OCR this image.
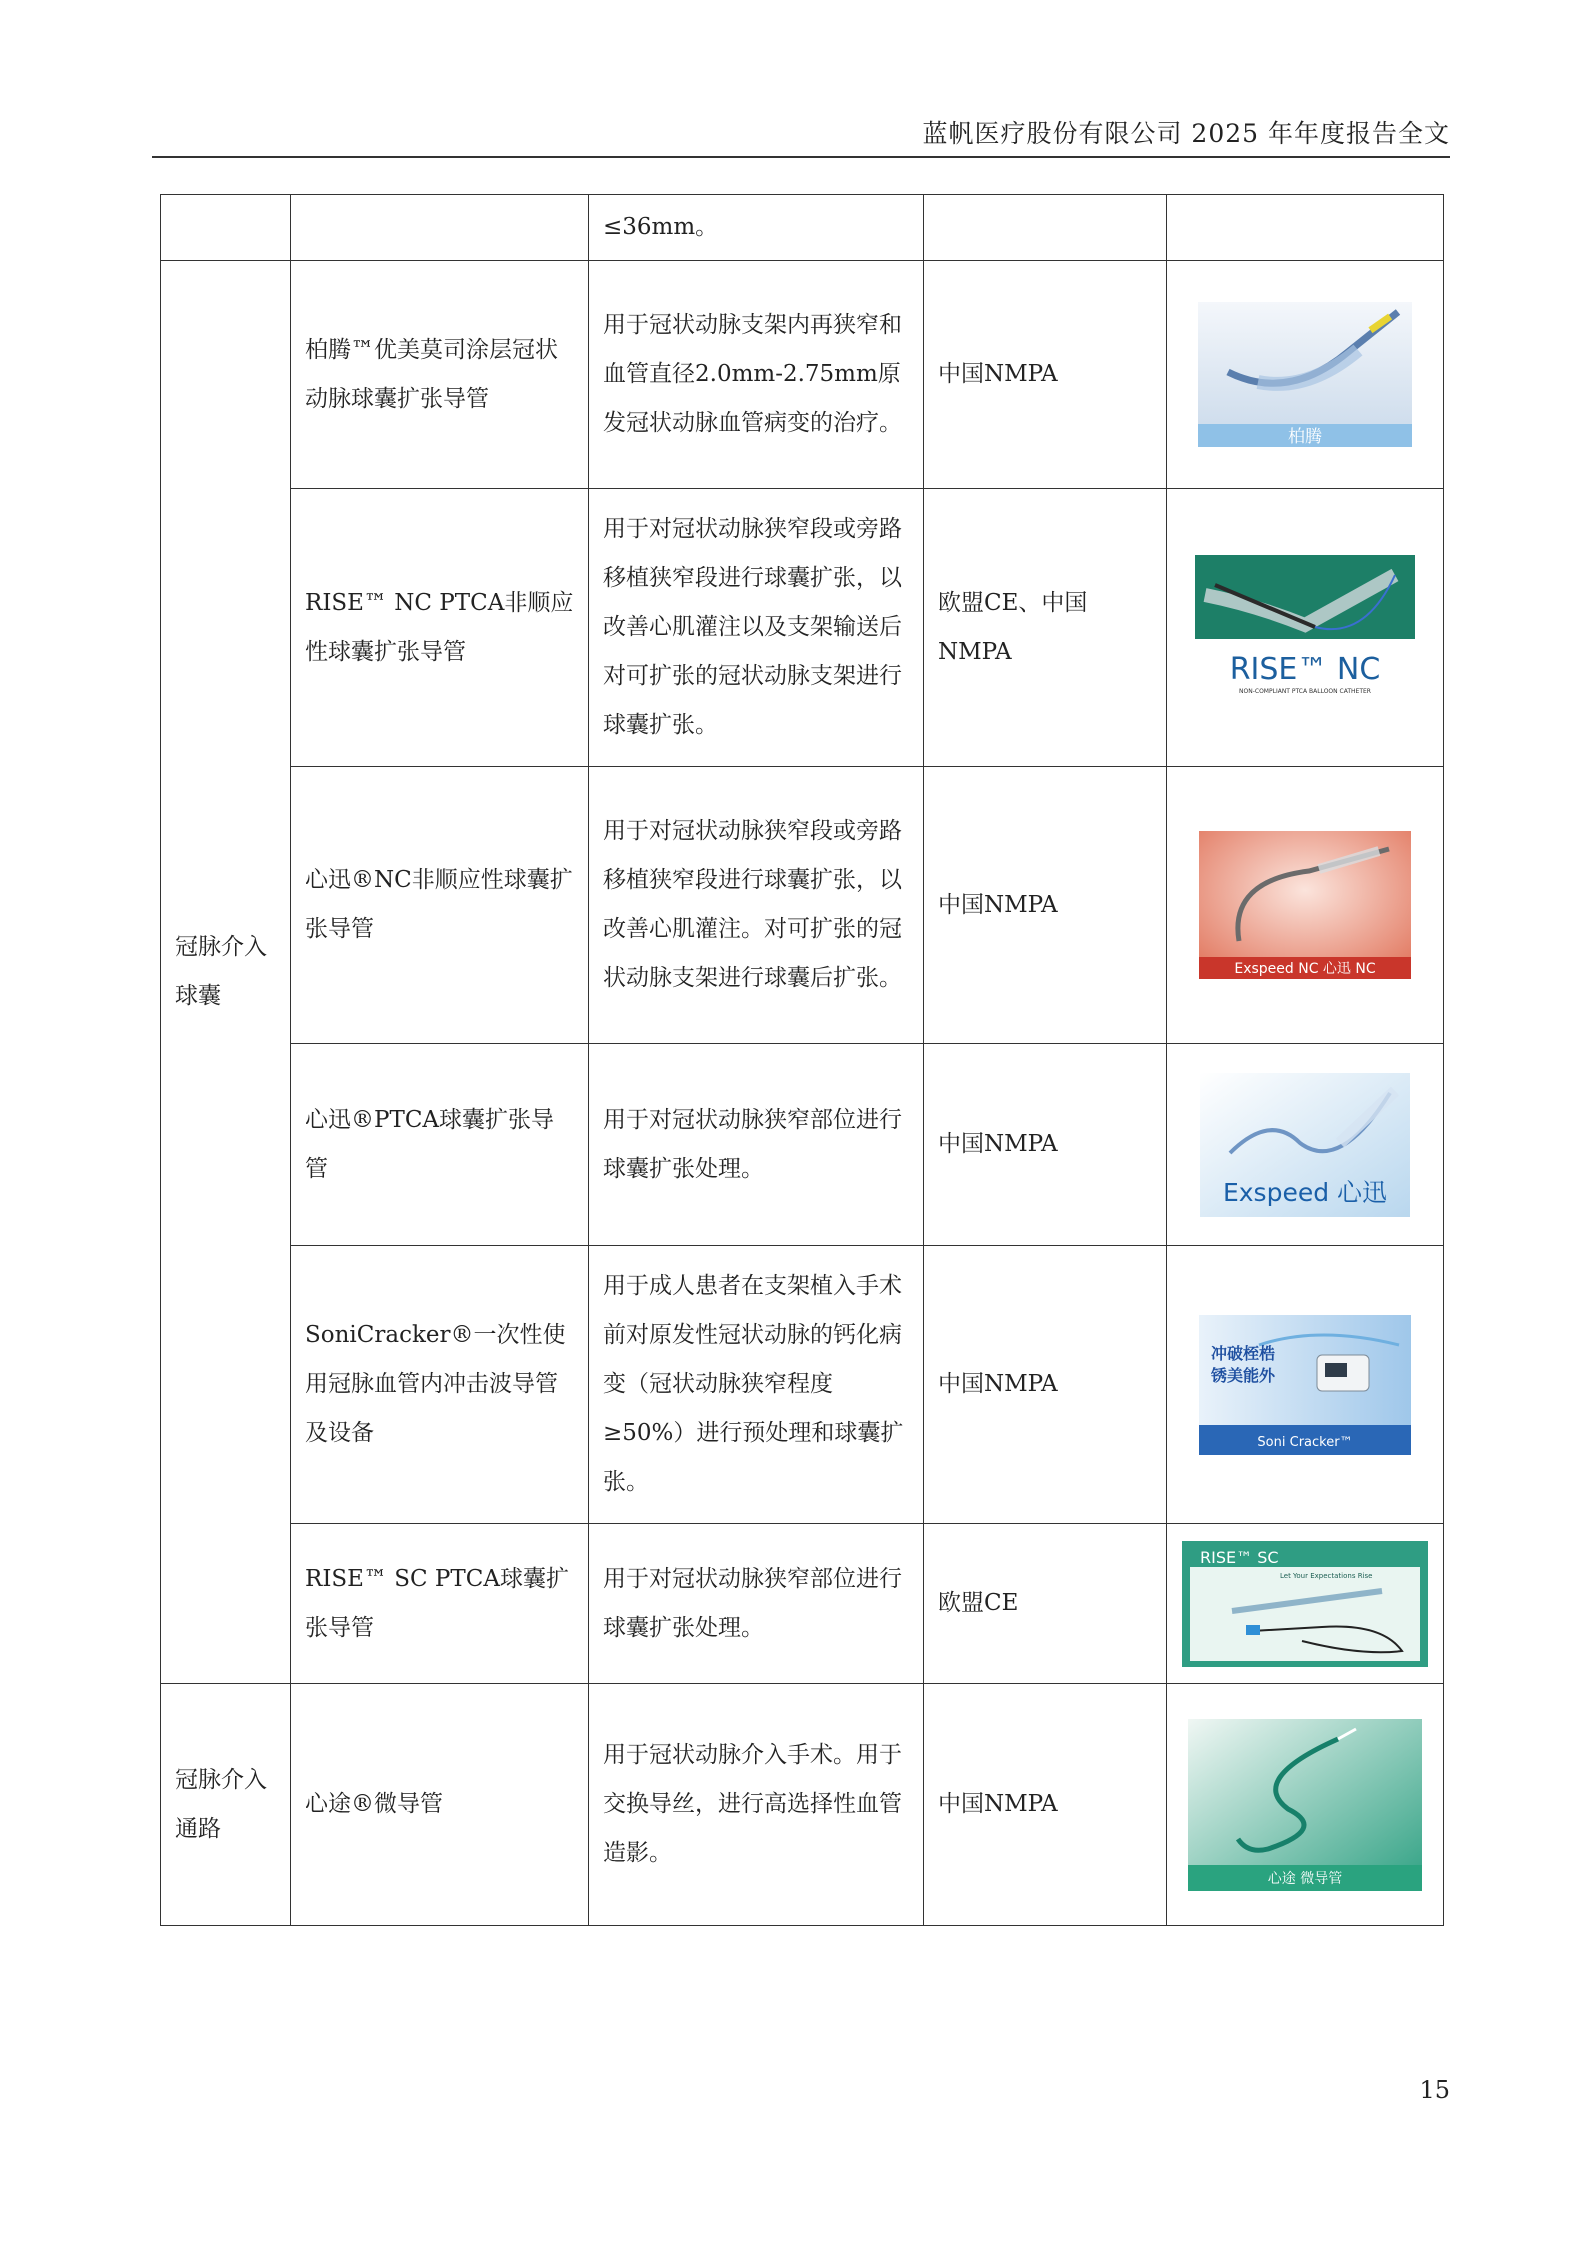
蓝帆医疗股份有限公司 2025 年年度报告全文
		≤36mm。		
冠脉介入球囊	柏腾™优美莫司涂层冠状动脉球囊扩张导管	用于冠状动脉支架内再狭窄和血管直径2.0mm-2.75mm原发冠状动脉血管病变的治疗。	中国NMPA	柏腾

	RISE™ NC PTCA非顺应性球囊扩张导管	用于对冠状动脉狭窄段或旁路移植狭窄段进行球囊扩张，以改善心肌灌注以及支架输送后对可扩张的冠状动脉支架进行球囊扩张。	欧盟CE、中国NMPA	RISE™ NC
NON-COMPLIANT PTCA BALLOON CATHETER

	心迅®NC非顺应性球囊扩张导管	用于对冠状动脉狭窄段或旁路移植狭窄段进行球囊扩张，以改善心肌灌注。对可扩张的冠状动脉支架进行球囊后扩张。	中国NMPA	Exspeed NC 心迅 NC

	心迅®PTCA球囊扩张导管	用于对冠状动脉狭窄部位进行球囊扩张处理。	中国NMPA	Exspeed 心迅

	SoniCracker®一次性使用冠脉血管内冲击波导管及设备	用于成人患者在支架植入手术前对原发性冠状动脉的钙化病变（冠状动脉狭窄程度≥50%）进行预处理和球囊扩张。	中国NMPA	冲破桎梏
锈美能外
Soni Cracker™

	RISE™ SC PTCA球囊扩张导管	用于对冠状动脉狭窄部位进行球囊扩张处理。	欧盟CE	RISE™ SC
Let Your Expectations Rise

冠脉介入通路	心途®微导管	用于冠状动脉介入手术。用于交换导丝，进行高选择性血管造影。	中国NMPA	心途 微导管
15
